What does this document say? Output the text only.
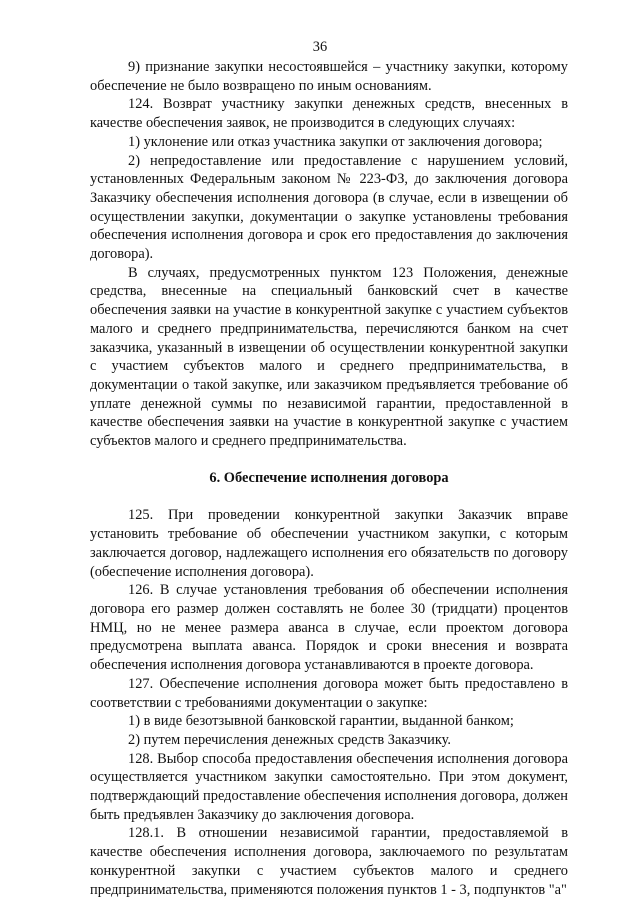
36

9) признание закупки несостоявшейся – участнику закупки, которому обеспечение не было возвращено по иным основаниям.

124. Возврат участнику закупки денежных средств, внесенных в качестве обеспечения заявок, не производится в следующих случаях:

1) уклонение или отказ участника закупки от заключения договора;

2) непредоставление или предоставление с нарушением условий, установленных Федеральным законом № 223-ФЗ, до заключения договора Заказчику обеспечения исполнения договора (в случае, если в извещении об осуществлении закупки, документации о закупке установлены требования обеспечения исполнения договора и срок его предоставления до заключения договора).

В случаях, предусмотренных пунктом 123 Положения, денежные средства, внесенные на специальный банковский счет в качестве обеспечения заявки на участие в конкурентной закупке с участием субъектов малого и среднего предпринимательства, перечисляются банком на счет заказчика, указанный в извещении об осуществлении конкурентной закупки с участием субъектов малого и среднего предпринимательства, в документации о такой закупке, или заказчиком предъявляется требование об уплате денежной суммы по независимой гарантии, предоставленной в качестве обеспечения заявки на участие в конкурентной закупке с участием субъектов малого и среднего предпринимательства.

6. Обеспечение исполнения договора

125. При проведении конкурентной закупки Заказчик вправе установить требование об обеспечении участником закупки, с которым заключается договор, надлежащего исполнения его обязательств по договору (обеспечение исполнения договора).

126. В случае установления требования об обеспечении исполнения договора его размер должен составлять не более 30 (тридцати) процентов НМЦ, но не менее размера аванса в случае, если проектом договора предусмотрена выплата аванса. Порядок и сроки внесения и возврата обеспечения исполнения договора устанавливаются в проекте договора.

127. Обеспечение исполнения договора может быть предоставлено в соответствии с требованиями документации о закупке:

1) в виде безотзывной банковской гарантии, выданной банком;

2) путем перечисления денежных средств Заказчику.

128. Выбор способа предоставления обеспечения исполнения договора осуществляется участником закупки самостоятельно. При этом документ, подтверждающий предоставление обеспечения исполнения договора, должен быть предъявлен Заказчику до заключения договора.

128.1. В отношении независимой гарантии, предоставляемой в качестве обеспечения исполнения договора, заключаемого по результатам конкурентной закупки с участием субъектов малого и среднего предпринимательства, применяются положения пунктов 1 - 3, подпунктов "а"
